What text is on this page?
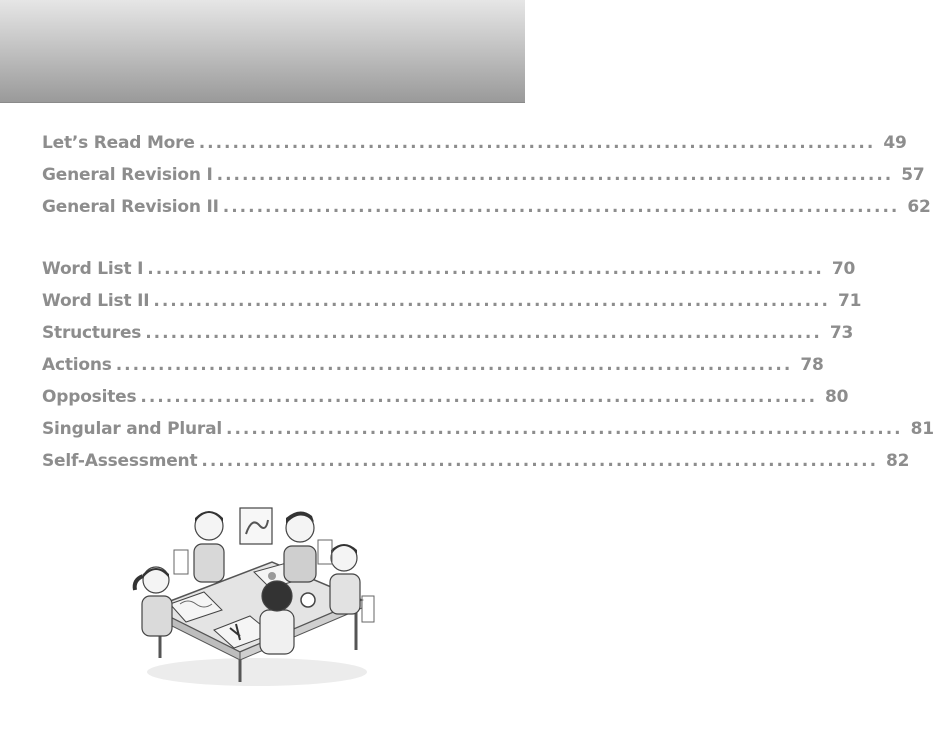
Let’s Read More ................................................................................ 49
General Revision I ................................................................................ 57
General Revision II ................................................................................ 62
Word List I ................................................................................ 70
Word List II ................................................................................ 71
Structures ................................................................................ 73
Actions ................................................................................ 78
Opposites ................................................................................ 80
Singular and Plural ................................................................................ 81
Self-Assessment ................................................................................ 82
